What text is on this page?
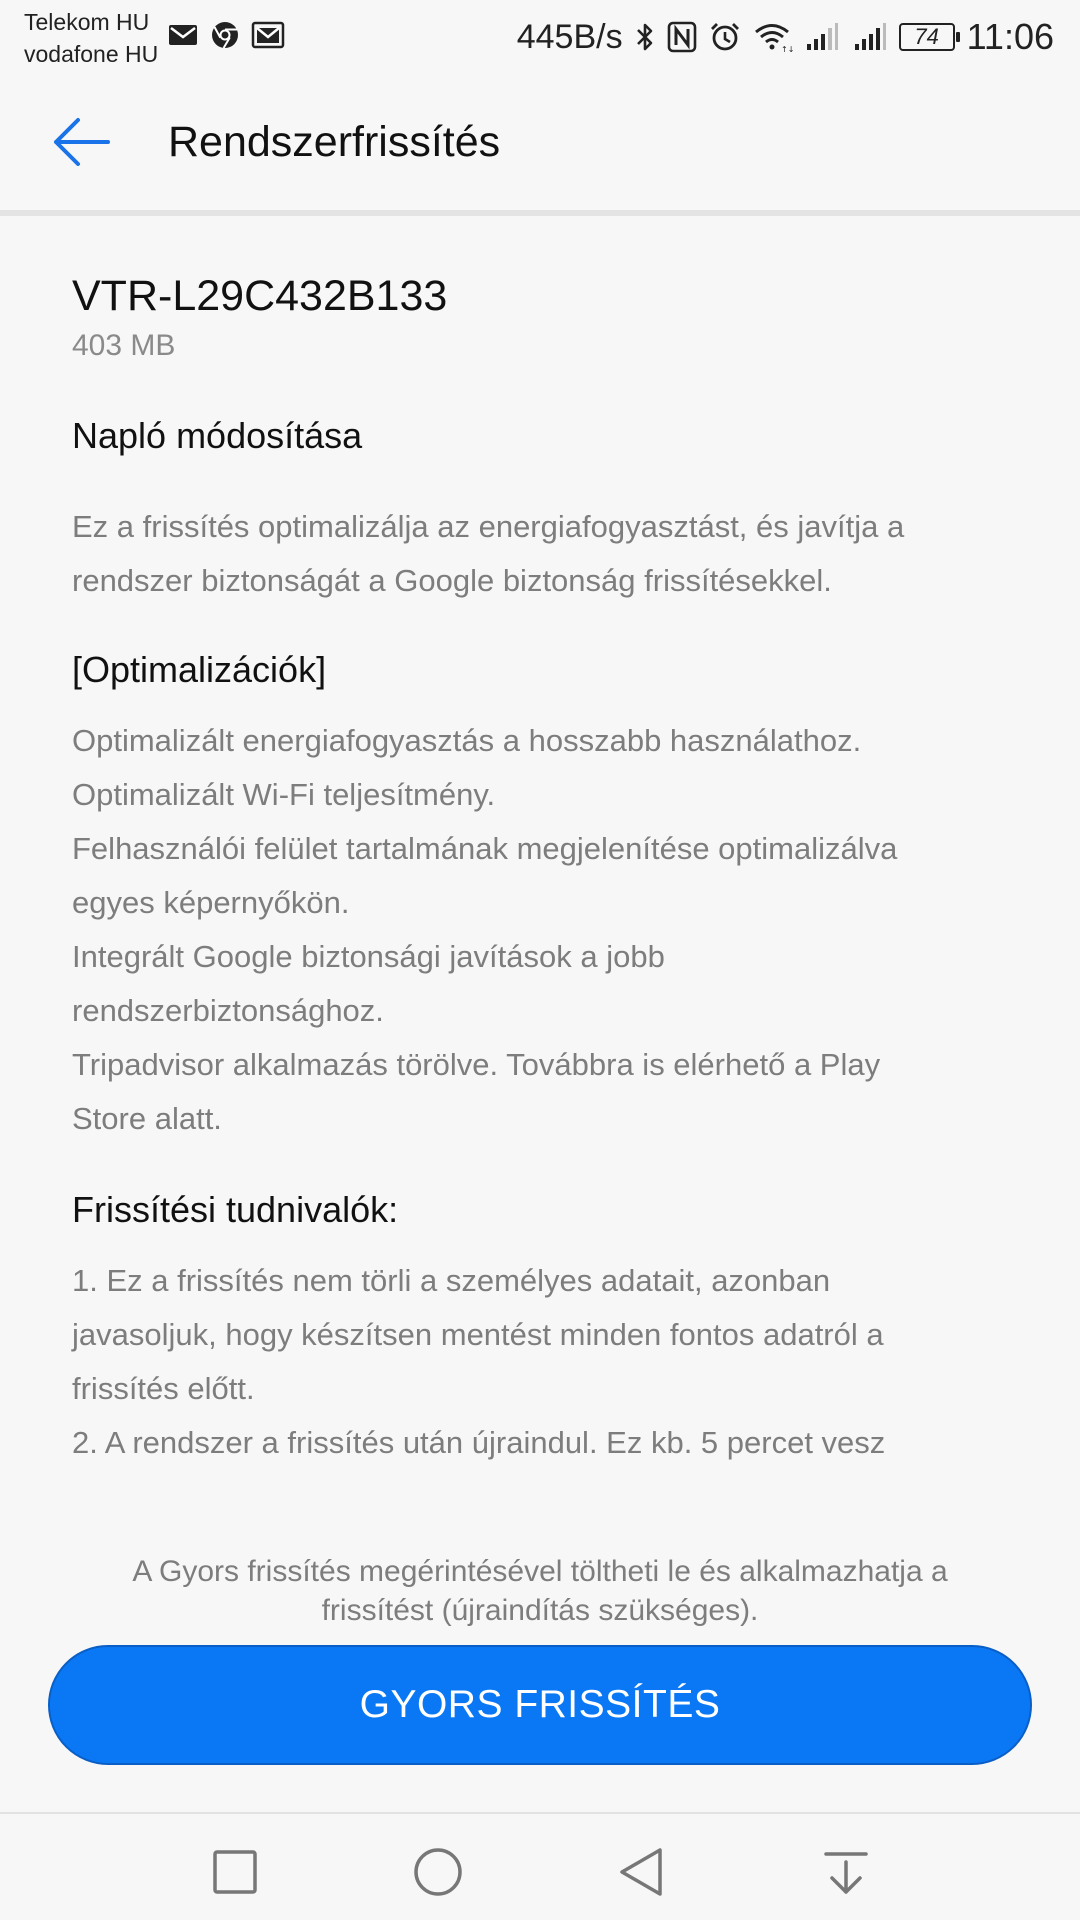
Telekom HU
vodafone HU	445B/s	↑↓
74 11:06
Rendszerfrissítés
VTR-L29C432B133
403 MB
Napló módosítása
Ez a frissítés optimalizálja az energiafogyasztást, és javítja a
rendszer biztonságát a Google biztonság frissítésekkel.
[Optimalizációk]
Optimalizált energiafogyasztás a hosszabb használathoz.
Optimalizált Wi-Fi teljesítmény.
Felhasználói felület tartalmának megjelenítése optimalizálva
egyes képernyőkön.
Integrált Google biztonsági javítások a jobb
rendszerbiztonsághoz.
Tripadvisor alkalmazás törölve. Továbbra is elérhető a Play
Store alatt.
Frissítési tudnivalók:
1. Ez a frissítés nem törli a személyes adatait, azonban
javasoljuk, hogy készítsen mentést minden fontos adatról a
frissítés előtt.
2. A rendszer a frissítés után újraindul. Ez kb. 5 percet vesz
A Gyors frissítés megérintésével töltheti le és alkalmazhatja a
frissítést (újraindítás szükséges).
GYORS FRISSÍTÉS
